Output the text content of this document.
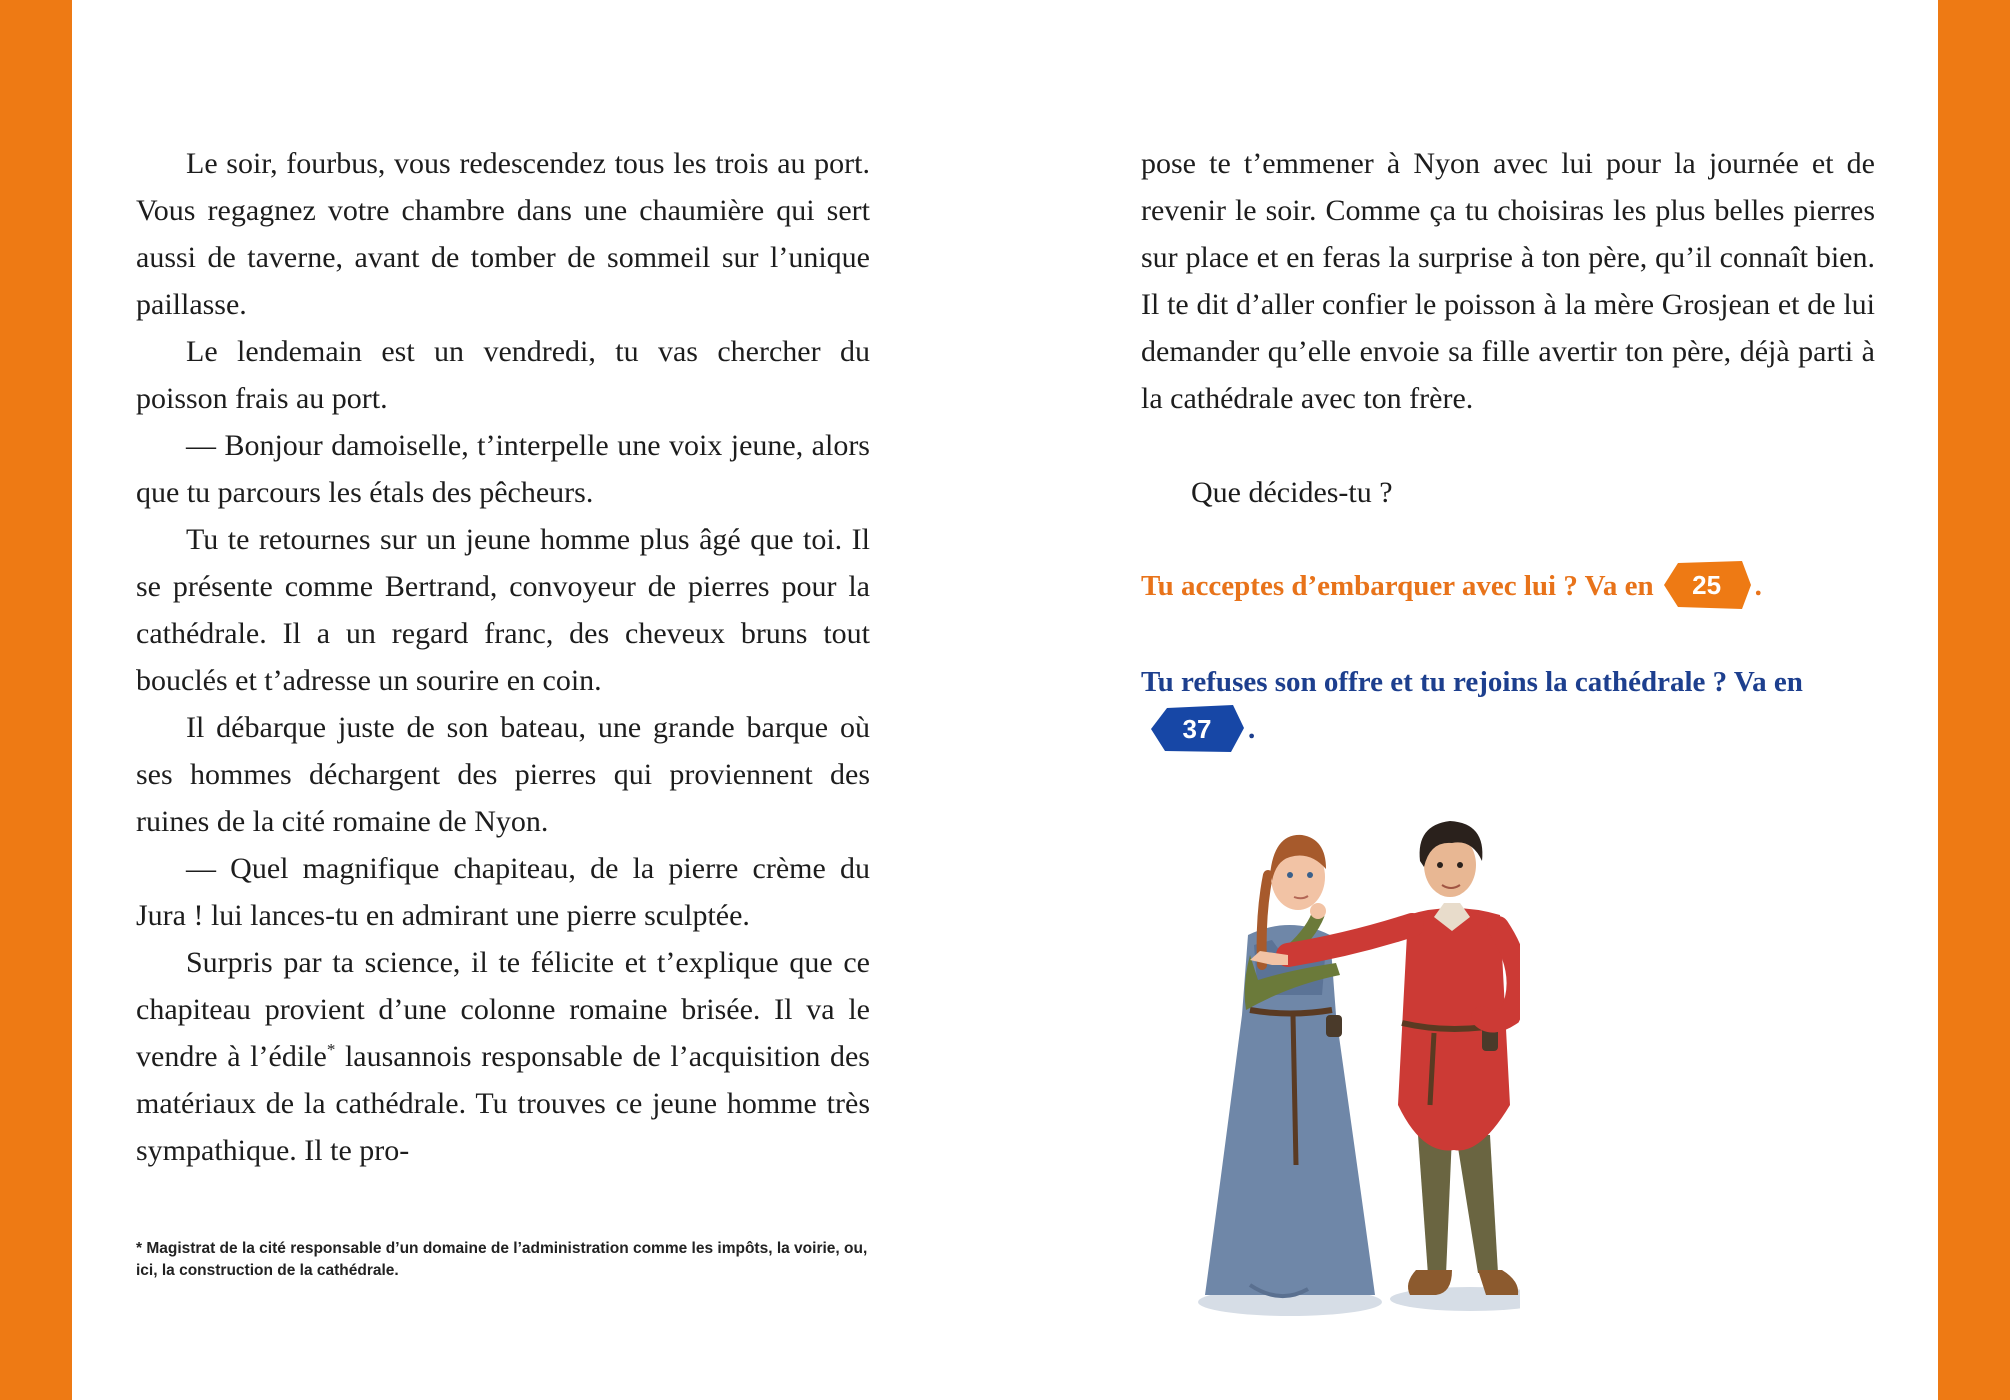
Le soir, fourbus, vous redescendez tous les trois au port. Vous regagnez votre chambre dans une chaumière qui sert aussi de taverne, avant de tomber de sommeil sur l’unique paillasse.

Le lendemain est un vendredi, tu vas chercher du poisson frais au port.

— Bonjour damoiselle, t’interpelle une voix jeune, alors que tu parcours les étals des pêcheurs.

Tu te retournes sur un jeune homme plus âgé que toi. Il se présente comme Bertrand, convoyeur de pierres pour la cathédrale. Il a un regard franc, des cheveux bruns tout bouclés et t’adresse un sourire en coin.

Il débarque juste de son bateau, une grande barque où ses hommes déchargent des pierres qui proviennent des ruines de la cité romaine de Nyon.

— Quel magnifique chapiteau, de la pierre crème du Jura ! lui lances-tu en admirant une pierre sculptée.

Surpris par ta science, il te félicite et t’explique que ce chapiteau provient d’une colonne romaine brisée. Il va le vendre à l’édile* lausannois responsable de l’acquisition des matériaux de la cathédrale. Tu trouves ce jeune homme très sympathique. Il te pro-

* Magistrat de la cité responsable d’un domaine de l’administration comme les impôts, la voirie, ou, ici, la construction de la cathédrale.

pose te t’emmener à Nyon avec lui pour la journée et de revenir le soir. Comme ça tu choisiras les plus belles pierres sur place et en feras la surprise à ton père, qu’il connaît bien. Il te dit d’aller confier le poisson à la mère Grosjean et de lui demander qu’elle envoie sa fille avertir ton père, déjà parti à la cathédrale avec ton frère.

Que décides-tu ?

Tu acceptes d’embarquer avec lui ? Va en	25	.

Tu refuses son offre et tu rejoins la cathédrale ? Va en
37	.
